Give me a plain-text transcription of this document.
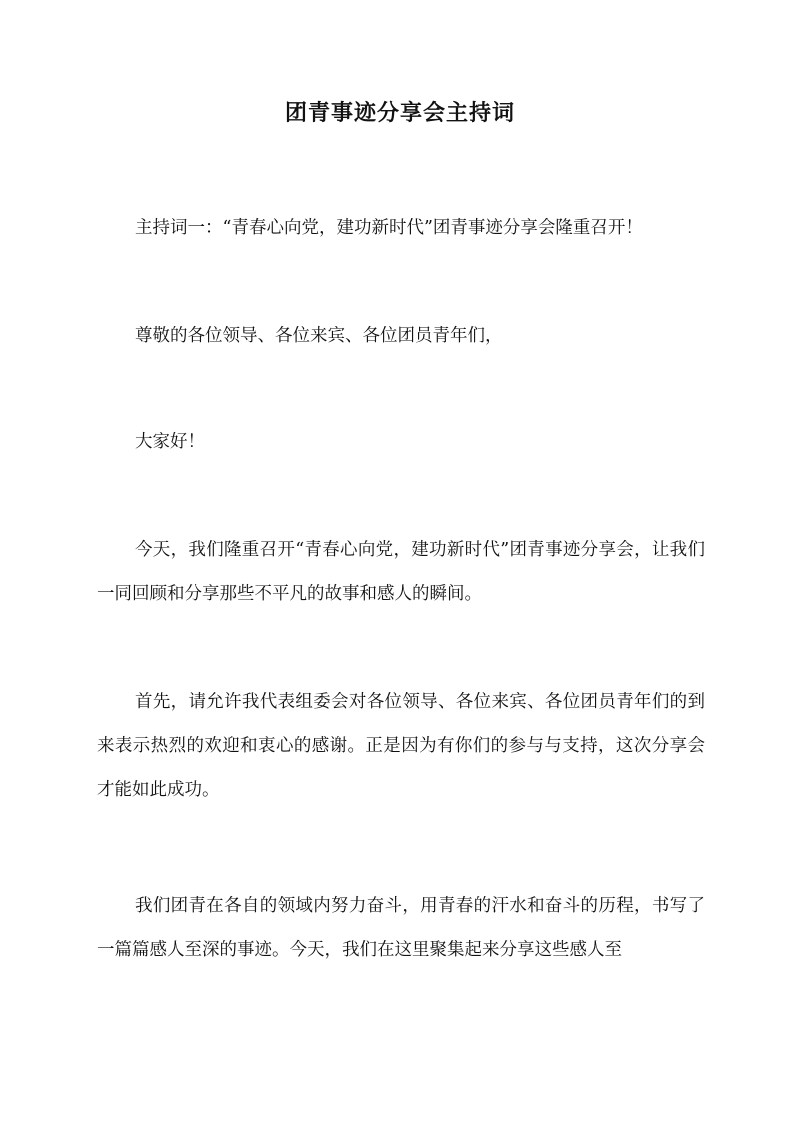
团青事迹分享会主持词

主持词一：“青春心向党，建功新时代”团青事迹分享会隆重召开！

尊敬的各位领导、各位来宾、各位团员青年们，

大家好！

今天，我们隆重召开“青春心向党，建功新时代”团青事迹分享会，让我们一同回顾和分享那些不平凡的故事和感人的瞬间。

首先，请允许我代表组委会对各位领导、各位来宾、各位团员青年们的到来表示热烈的欢迎和衷心的感谢。正是因为有你们的参与与支持，这次分享会才能如此成功。

我们团青在各自的领域内努力奋斗，用青春的汗水和奋斗的历程，书写了一篇篇感人至深的事迹。今天，我们在这里聚集起来分享这些感人至
